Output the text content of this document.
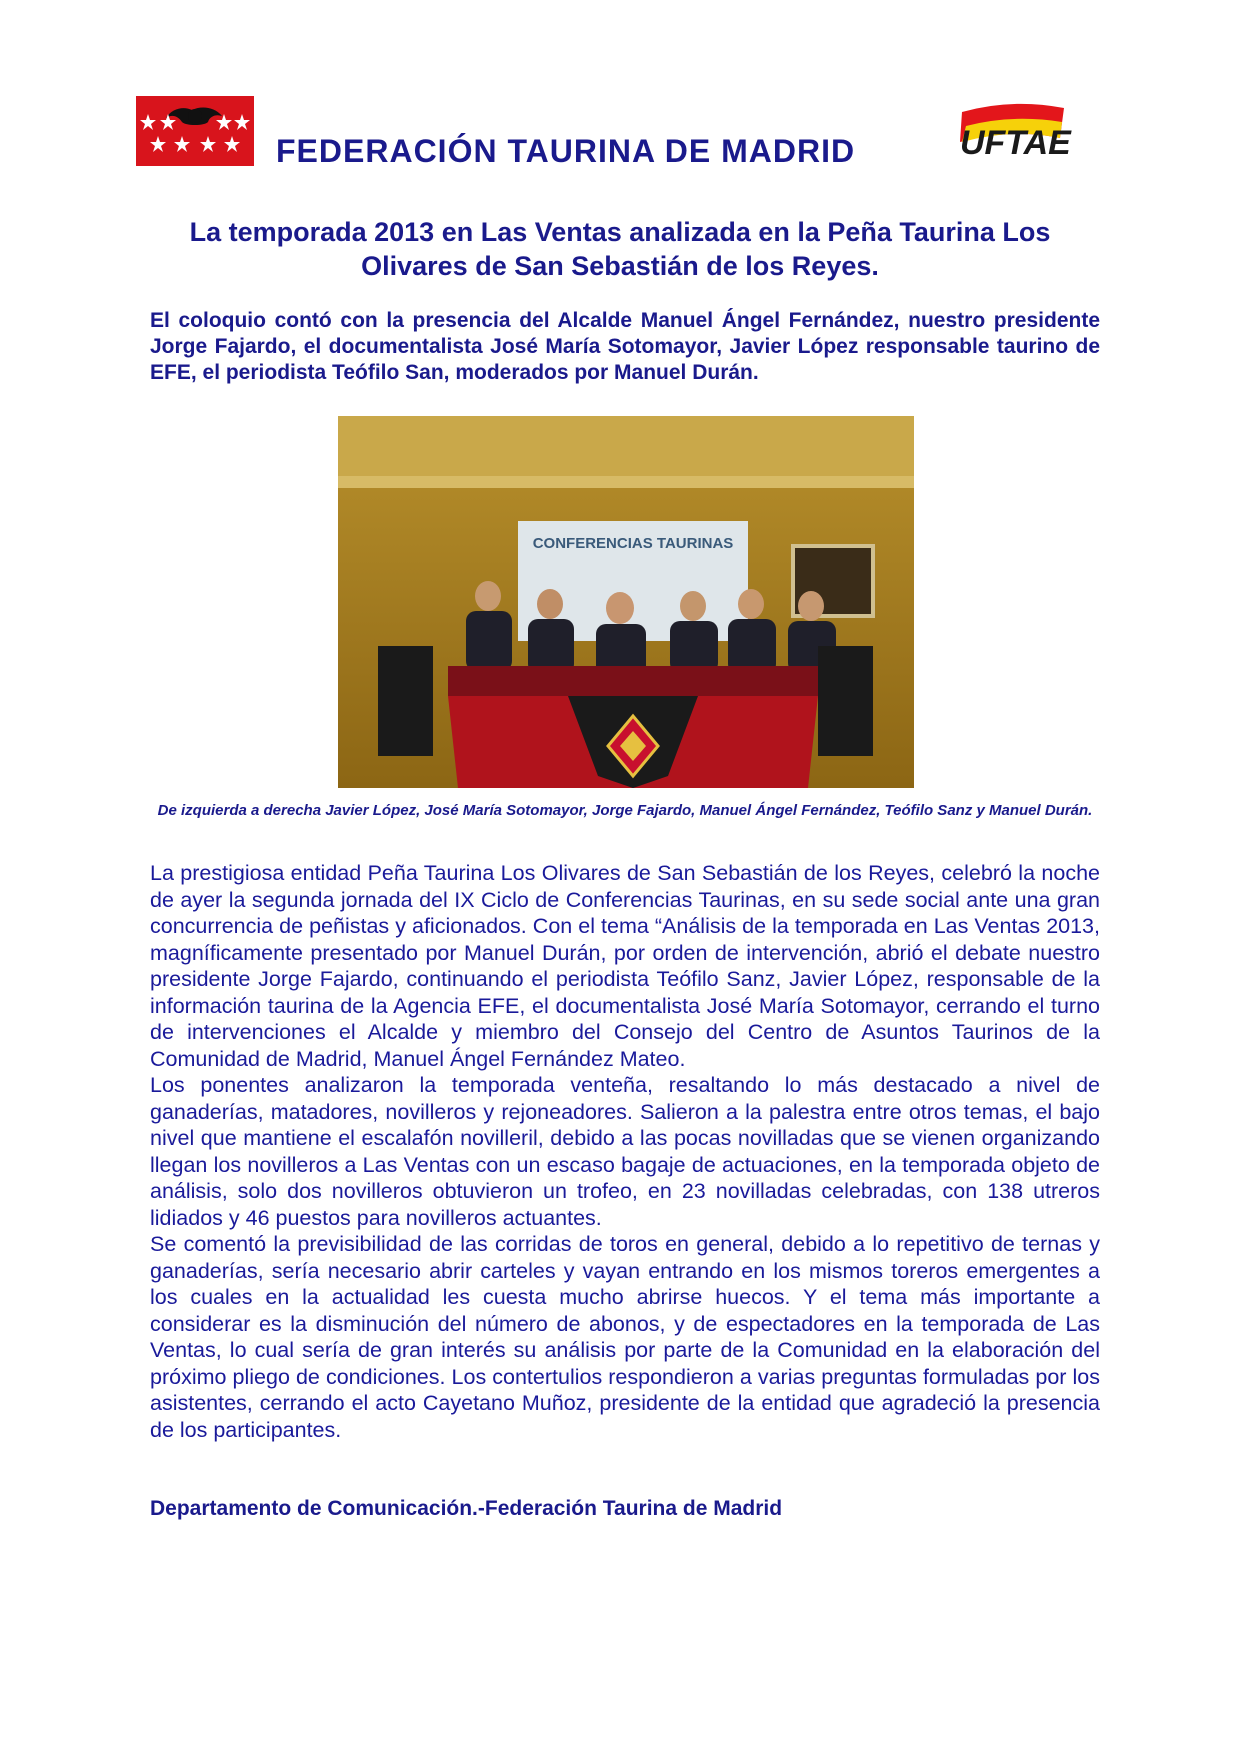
FEDERACIÓN TAURINA DE MADRID	UFTAE
La temporada 2013 en Las Ventas analizada en la Peña Taurina Los Olivares de San Sebastián de los Reyes.
El coloquio contó con la presencia del Alcalde Manuel Ángel Fernández, nuestro presidente Jorge Fajardo, el documentalista José María Sotomayor, Javier López responsable taurino de EFE, el periodista Teófilo San, moderados por Manuel Durán.
CONFERENCIAS TAURINAS
De izquierda a derecha Javier López, José María Sotomayor, Jorge Fajardo, Manuel Ángel Fernández, Teófilo Sanz y Manuel Durán.

La prestigiosa entidad Peña Taurina Los Olivares de San Sebastián de los Reyes, celebró la noche de ayer la segunda jornada del IX Ciclo de Conferencias Taurinas, en su sede social ante una gran concurrencia de peñistas y aficionados. Con el tema “Análisis de la temporada en Las Ventas 2013, magníficamente presentado por Manuel Durán, por orden de intervención, abrió el debate nuestro presidente Jorge Fajardo, continuando el periodista Teófilo Sanz, Javier López, responsable de la información taurina de la Agencia EFE, el documentalista José María Sotomayor, cerrando el turno de intervenciones el Alcalde y miembro del Consejo del Centro de Asuntos Taurinos de la Comunidad de Madrid, Manuel Ángel Fernández Mateo.

Los ponentes analizaron la temporada venteña, resaltando lo más destacado a nivel de ganaderías, matadores, novilleros y rejoneadores. Salieron a la palestra entre otros temas, el bajo nivel que mantiene el escalafón novilleril, debido a las pocas novilladas que se vienen organizando llegan los novilleros a Las Ventas con un escaso bagaje de actuaciones, en la temporada objeto de análisis, solo dos novilleros obtuvieron un trofeo, en 23 novilladas celebradas, con 138 utreros lidiados y 46 puestos para novilleros actuantes.

Se comentó la previsibilidad de las corridas de toros en general, debido a lo repetitivo de ternas y ganaderías, sería necesario abrir carteles y vayan entrando en los mismos toreros emergentes a los cuales en la actualidad les cuesta mucho abrirse huecos. Y el tema más importante a considerar es la disminución del número de abonos, y de espectadores en la temporada de Las Ventas, lo cual sería de gran interés su análisis por parte de la Comunidad en la elaboración del próximo pliego de condiciones. Los contertulios respondieron a varias preguntas formuladas por los asistentes, cerrando el acto Cayetano Muñoz, presidente de la entidad que agradeció la presencia de los participantes.

Departamento de Comunicación.-Federación Taurina de Madrid
